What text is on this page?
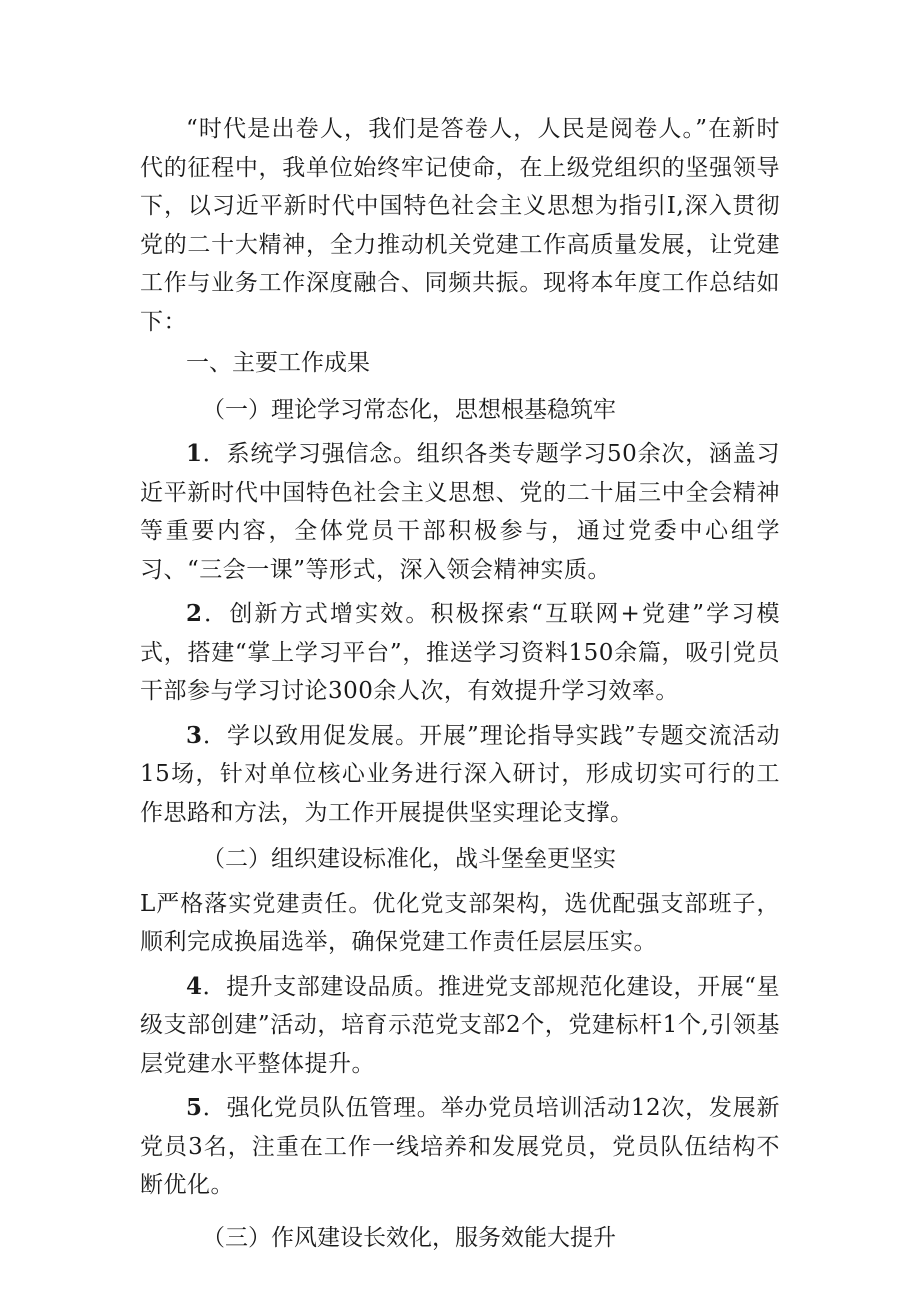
“时代是出卷人，我们是答卷人，人民是阅卷人。”在新时代的征程中，我单位始终牢记使命，在上级党组织的坚强领导下，以习近平新时代中国特色社会主义思想为指引I,深入贯彻党的二十大精神，全力推动机关党建工作高质量发展，让党建工作与业务工作深度融合、同频共振。现将本年度工作总结如下：

一、主要工作成果

（一）理论学习常态化，思想根基稳筑牢

1．系统学习强信念。组织各类专题学习50余次，涵盖习近平新时代中国特色社会主义思想、党的二十届三中全会精神等重要内容，全体党员干部积极参与，通过党委中心组学习、“三会一课”等形式，深入领会精神实质。

2．创新方式增实效。积极探索“互联网+党建”学习模式，搭建“掌上学习平台”，推送学习资料150余篇，吸引党员干部参与学习讨论300余人次，有效提升学习效率。

3．学以致用促发展。开展”理论指导实践”专题交流活动15场，针对单位核心业务进行深入研讨，形成切实可行的工作思路和方法，为工作开展提供坚实理论支撑。

（二）组织建设标准化，战斗堡垒更坚实

L严格落实党建责任。优化党支部架构，选优配强支部班子，顺利完成换届选举，确保党建工作责任层层压实。

4．提升支部建设品质。推进党支部规范化建设，开展“星级支部创建”活动，培育示范党支部2个，党建标杆1个,引领基层党建水平整体提升。

5．强化党员队伍管理。举办党员培训活动12次，发展新党员3名，注重在工作一线培养和发展党员，党员队伍结构不断优化。

（三）作风建设长效化，服务效能大提升
